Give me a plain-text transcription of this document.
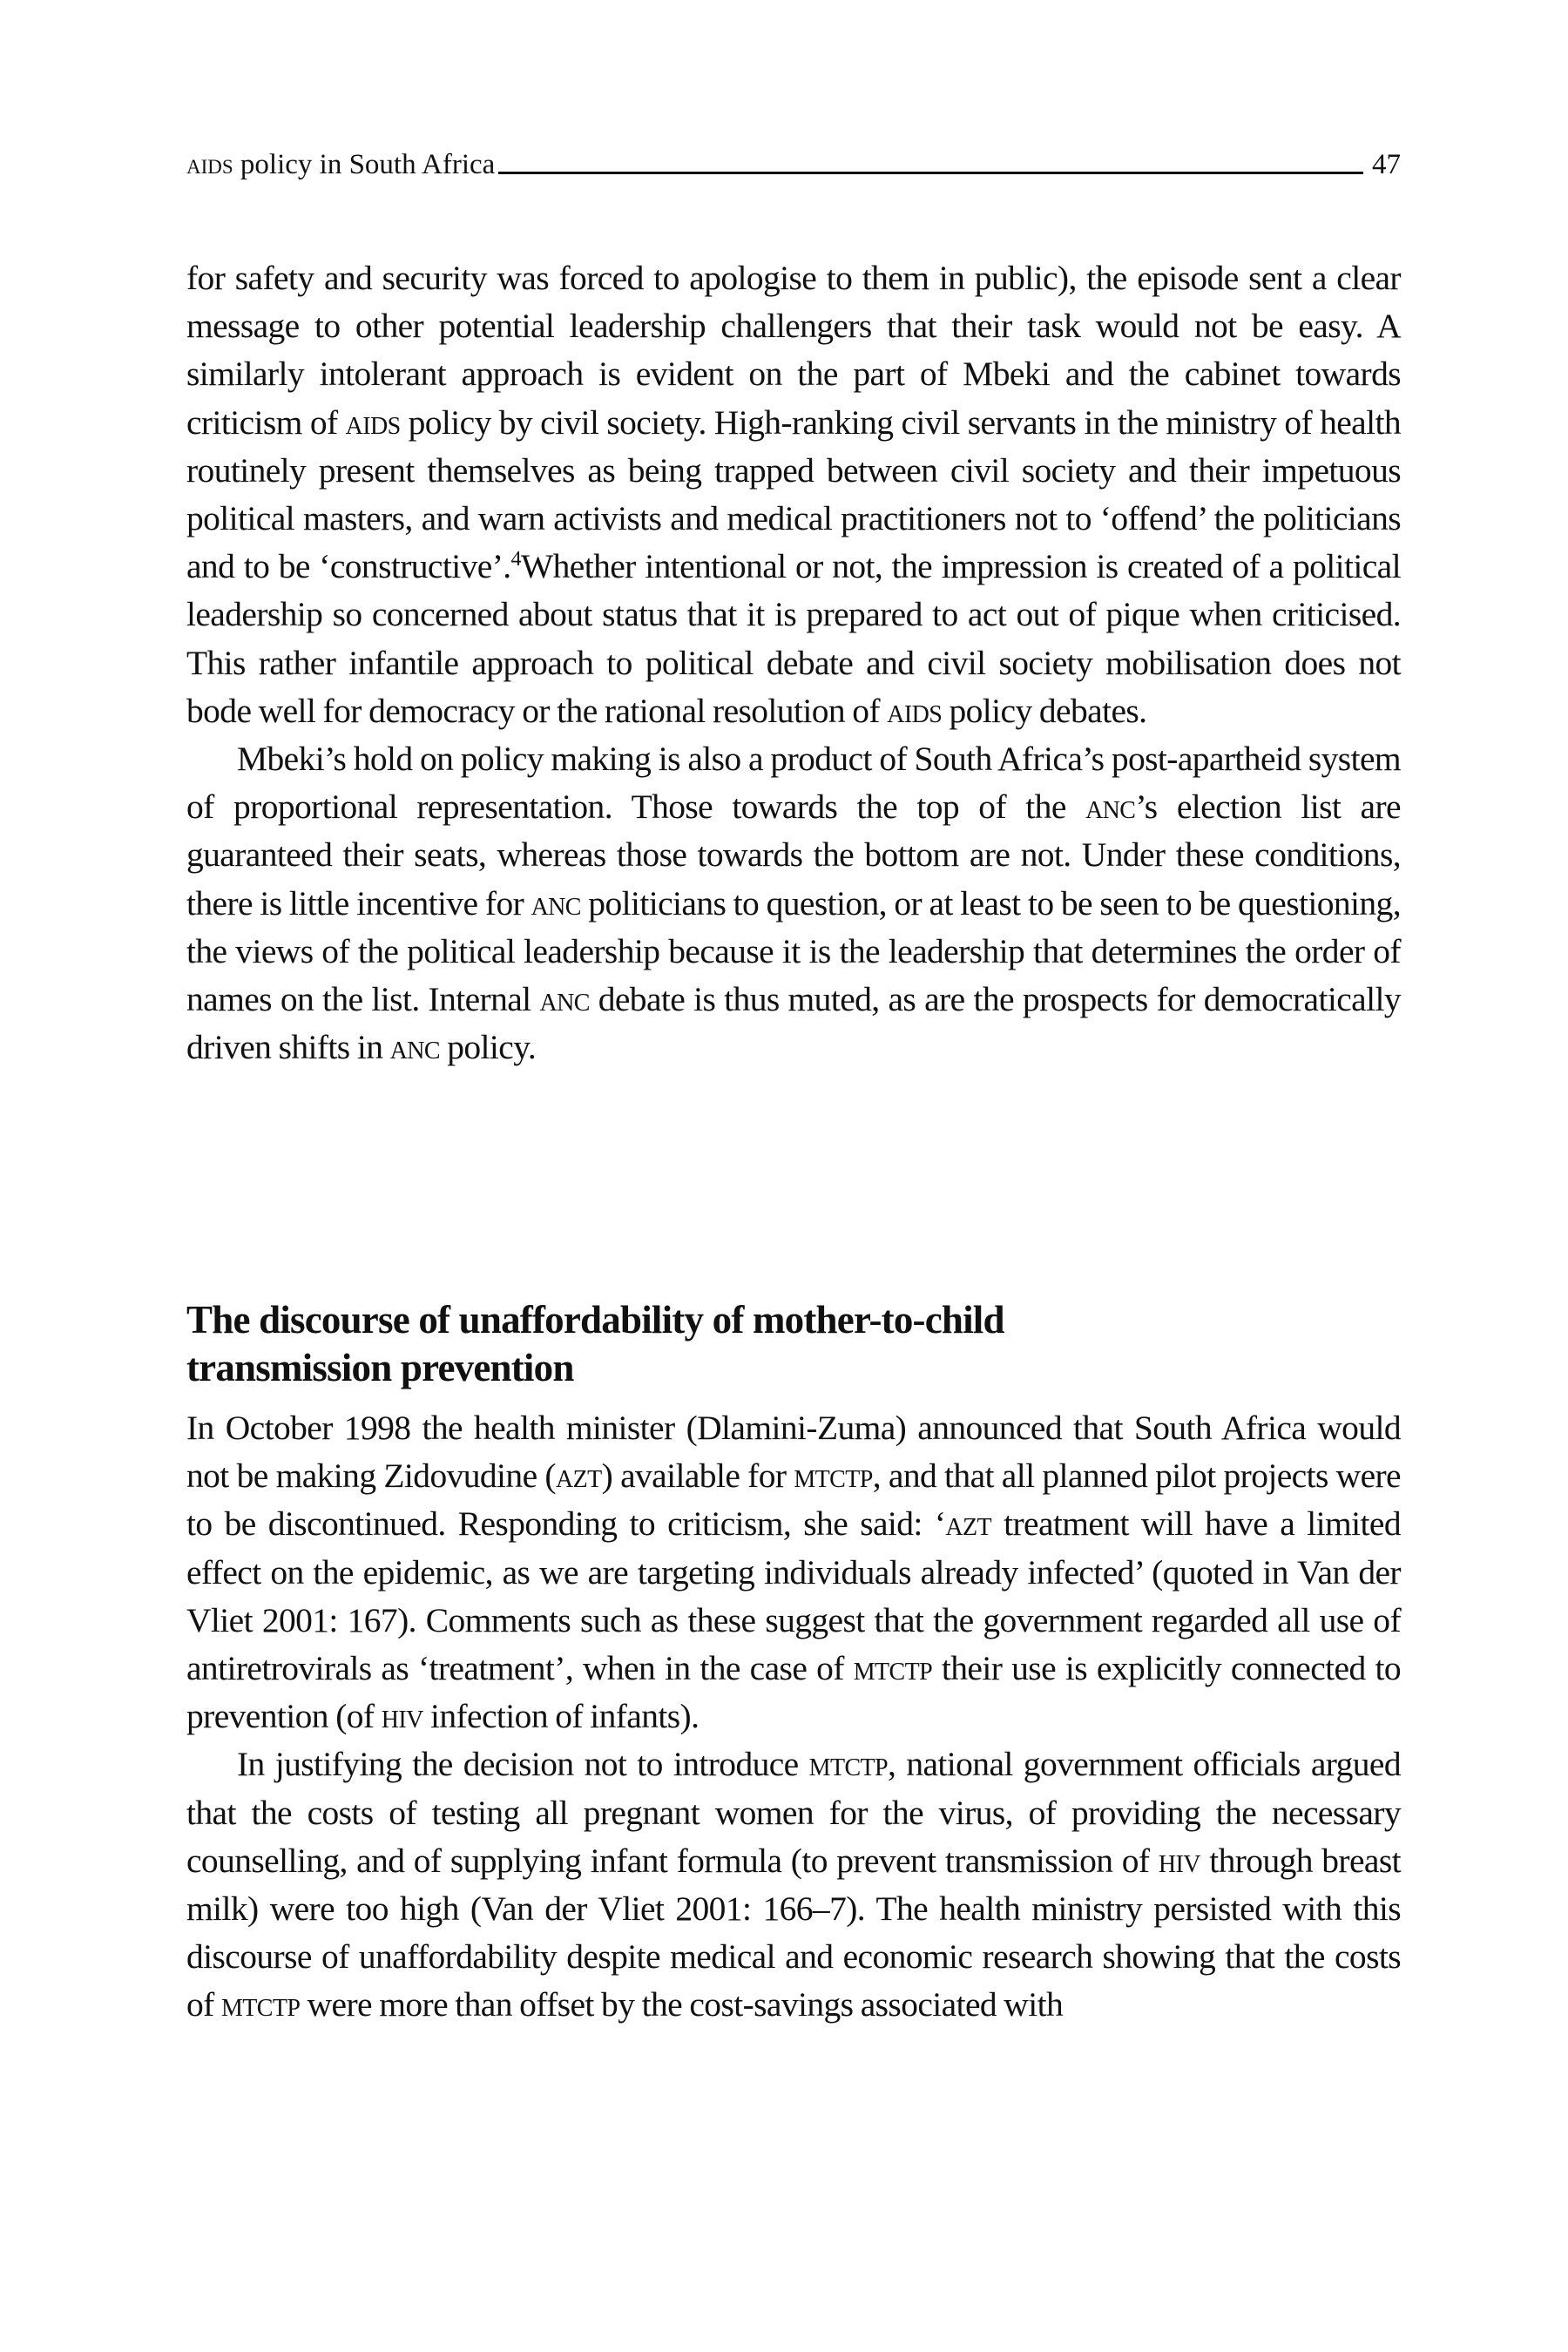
aids policy in South Africa	47

for safety and security was forced to apologise to them in public), the episode sent a clear message to other potential leadership challengers that their task would not be easy. A similarly intolerant approach is evident on the part of Mbeki and the cabinet towards criticism of aids policy by civil society. High-ranking civil servants in the ministry of health routinely present themselves as being trapped between civil society and their impetuous political masters, and warn activists and medical practitioners not to ‘offend’ the politicians and to be ‘constructive’.$^4$Whether intentional or not, the impression is created of a political leadership so concerned about status that it is prepared to act out of pique when criticised. This rather infantile approach to political debate and civil society mobilisation does not bode well for democracy or the rational resolution of aids policy debates.

Mbeki’s hold on policy making is also a product of South Africa’s post-apartheid system of proportional representation. Those towards the top of the anc’s election list are guaranteed their seats, whereas those towards the bottom are not. Under these conditions, there is little incentive for anc politicians to question, or at least to be seen to be questioning, the views of the political leadership because it is the leadership that determines the order of names on the list. Internal anc debate is thus muted, as are the prospects for democratically driven shifts in anc policy.

The discourse of unaffordability of mother-to-child
transmission prevention

In October 1998 the health minister (Dlamini-Zuma) announced that South Africa would not be making Zidovudine (azt) available for mtctp, and that all planned pilot projects were to be discontinued. Responding to criticism, she said: ‘azt treatment will have a limited effect on the epidemic, as we are targeting individuals already infected’ (quoted in Van der Vliet 2001: 167). Comments such as these suggest that the government regarded all use of antiretrovirals as ‘treatment’, when in the case of mtctp their use is explicitly connected to prevention (of hiv infection of infants).

In justifying the decision not to introduce mtctp, national government officials argued that the costs of testing all pregnant women for the virus, of providing the necessary counselling, and of supplying infant formula (to prevent transmission of hiv through breast milk) were too high (Van der Vliet 2001: 166–7). The health ministry persisted with this discourse of unaffordability despite medical and economic research showing that the costs of mtctp were more than offset by the cost-savings associated with
